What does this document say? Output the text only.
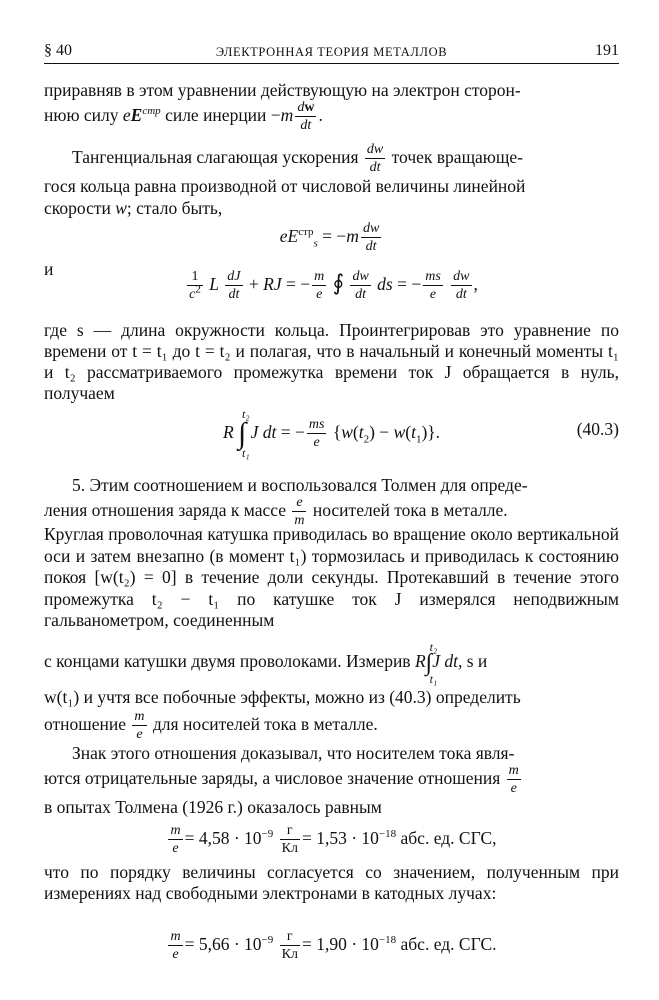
§ 40	ЭЛЕКТРОННАЯ ТЕОРИЯ МЕТАЛЛОВ	191
приравняв в этом уравнении действующую на электрон сторон-
нюю силу $eE^{стр}$ силе инерции $-m \frac{dw}{dt}$ .
Тангенциальная слагающая ускорения $\frac{dw}{dt}$ точек вращающе-
гося кольца равна производной от числовой величины линейной
скорости w; стало быть,
$eE^{стр}_s = -m \frac{dw}{dt}$
и
$\frac{1}{c^2}$ L $\frac{dJ}{dt}$ + RJ = − $\frac{m}{e}$ ∮ $\frac{dw}{dt}$ ds = − $\frac{ms}{e}$
$\frac{dw}{dt}$ ,
где s — длина окружности кольца. Проинтегрировав это уравнение по времени от t = t₁ до t = t₂ и полагая, что в начальный и конечный моменты t₁ и t₂ рассматриваемого промежутка времени ток J обращается в нуль, получаем
R ∫
t₂
t₁
J dt = − $\frac{ms}{e} \{w(t_2) - w(t_1)\}$.	(40.3)
5. Этим соотношением и воспользовался Толмен для опреде-
ления отношения заряда к массе $\frac{e}{m}$ носителей тока в металле.
Круглая проволочная катушка приводилась во вращение около вертикальной оси и затем внезапно (в момент t₁) тормозилась и приводилась к состоянию покоя [w(t₂) = 0] в течение доли секунды. Протекавший в течение этого промежутка t₂ − t₁ по катушке ток J измерялся неподвижным гальванометром, соединенным
с концами катушки двумя проволоками. Измерив R∫
t₂
t₁
J dt, s и
w(t₁) и учтя все побочные эффекты, можно из (40.3) определить
отношение $\frac{m}{e}$ для носителей тока в металле.
Знак этого отношения доказывал, что носителем тока явля-
ются отрицательные заряды, а числовое значение отношения $\frac{m}{e}$
в опытах Толмена (1926 г.) оказалось равным
$\frac{m}{e} = 4,58 \cdot 10^{-9} \frac{г}{Кл} = 1,53 \cdot 10^{-18}$ абс. ед. СГС,
что по порядку величины согласуется со значением, полученным при измерениях над свободными электронами в катодных лучах:
$\frac{m}{e} = 5,66 \cdot 10^{-9} \frac{г}{Кл} = 1,90 \cdot 10^{-18}$ абс. ед. СГС.
